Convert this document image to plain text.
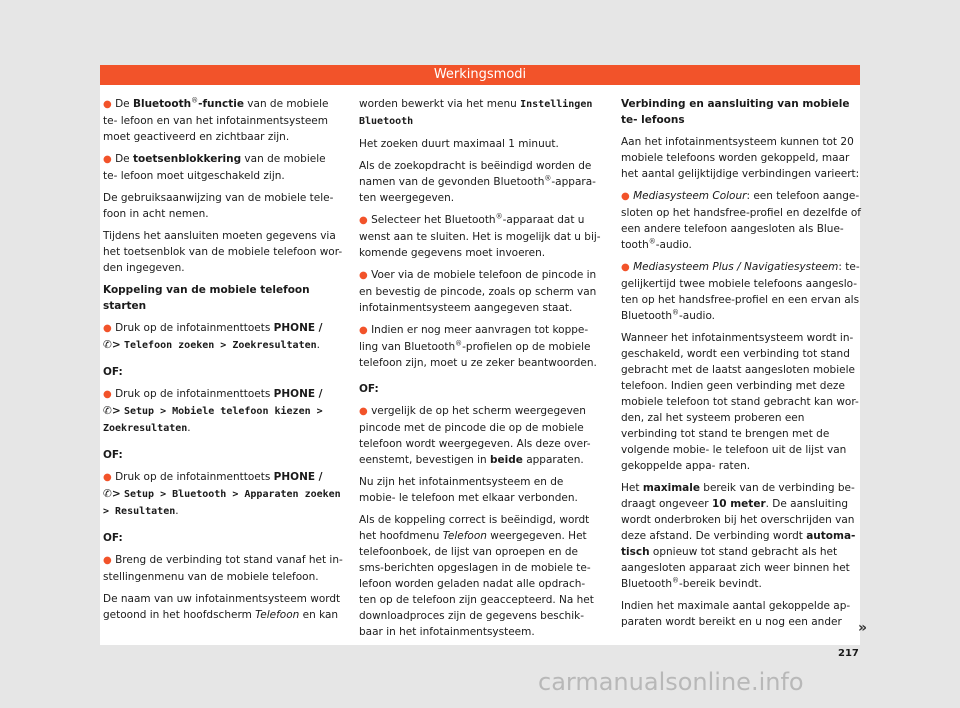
Werkingsmodi

● De Bluetooth®-functie van de mobiele te- lefoon en van het infotainmentsysteem moet geactiveerd en zichtbaar zijn.

● De toetsenblokkering van de mobiele te- lefoon moet uitgeschakeld zijn.

De gebruiksaanwijzing van de mobiele tele- foon in acht nemen.

Tijdens het aansluiten moeten gegevens via het toetsenblok van de mobiele telefoon wor- den ingegeven.

Koppeling van de mobiele telefoon starten

● Druk op de infotainmenttoets PHONE / ✆> Telefoon zoeken > Zoekresultaten.

OF:

● Druk op de infotainmenttoets PHONE / ✆> Setup > Mobiele telefoon kiezen > Zoekresultaten.

OF:

● Druk op de infotainmenttoets PHONE / ✆> Setup > Bluetooth > Apparaten zoeken > Resultaten.

OF:

● Breng de verbinding tot stand vanaf het in- stellingenmenu van de mobiele telefoon.

De naam van uw infotainmentsysteem wordt getoond in het hoofdscherm Telefoon en kan

worden bewerkt via het menu Instellingen Bluetooth

Het zoeken duurt maximaal 1 minuut.

Als de zoekopdracht is beëindigd worden de namen van de gevonden Bluetooth®-appara- ten weergegeven.

● Selecteer het Bluetooth®-apparaat dat u wenst aan te sluiten. Het is mogelijk dat u bij- komende gegevens moet invoeren.

● Voer via de mobiele telefoon de pincode in en bevestig de pincode, zoals op scherm van infotainmentsysteem aangegeven staat.

● Indien er nog meer aanvragen tot koppe- ling van Bluetooth®-profielen op de mobiele telefoon zijn, moet u ze zeker beantwoorden.

OF:

● vergelijk de op het scherm weergegeven pincode met de pincode die op de mobiele telefoon wordt weergegeven. Als deze over- eenstemt, bevestigen in beide apparaten.

Nu zijn het infotainmentsysteem en de mobie- le telefoon met elkaar verbonden.

Als de koppeling correct is beëindigd, wordt het hoofdmenu Telefoon weergegeven. Het telefoonboek, de lijst van oproepen en de sms-berichten opgeslagen in de mobiele te- lefoon worden geladen nadat alle opdrach- ten op de telefoon zijn geaccepteerd. Na het downloadproces zijn de gegevens beschik- baar in het infotainmentsysteem.

Verbinding en aansluiting van mobiele te- lefoons

Aan het infotainmentsysteem kunnen tot 20 mobiele telefoons worden gekoppeld, maar het aantal gelijktijdige verbindingen varieert:

● Mediasysteem Colour: een telefoon aange- sloten op het handsfree-profiel en dezelfde of een andere telefoon aangesloten als Blue- tooth®-audio.

● Mediasysteem Plus / Navigatiesysteem: te- gelijkertijd twee mobiele telefoons aangeslo- ten op het handsfree-profiel en een ervan als Bluetooth®-audio.

Wanneer het infotainmentsysteem wordt in- geschakeld, wordt een verbinding tot stand gebracht met de laatst aangesloten mobiele telefoon. Indien geen verbinding met deze mobiele telefoon tot stand gebracht kan wor- den, zal het systeem proberen een verbinding tot stand te brengen met de volgende mobie- le telefoon uit de lijst van gekoppelde appa- raten.

Het maximale bereik van de verbinding be- draagt ongeveer 10 meter. De aansluiting wordt onderbroken bij het overschrijden van deze afstand. De verbinding wordt automa- tisch opnieuw tot stand gebracht als het aangesloten apparaat zich weer binnen het Bluetooth®-bereik bevindt.

Indien het maximale aantal gekoppelde ap- paraten wordt bereikt en u nog een ander	»
217
carmanualsonline.info
